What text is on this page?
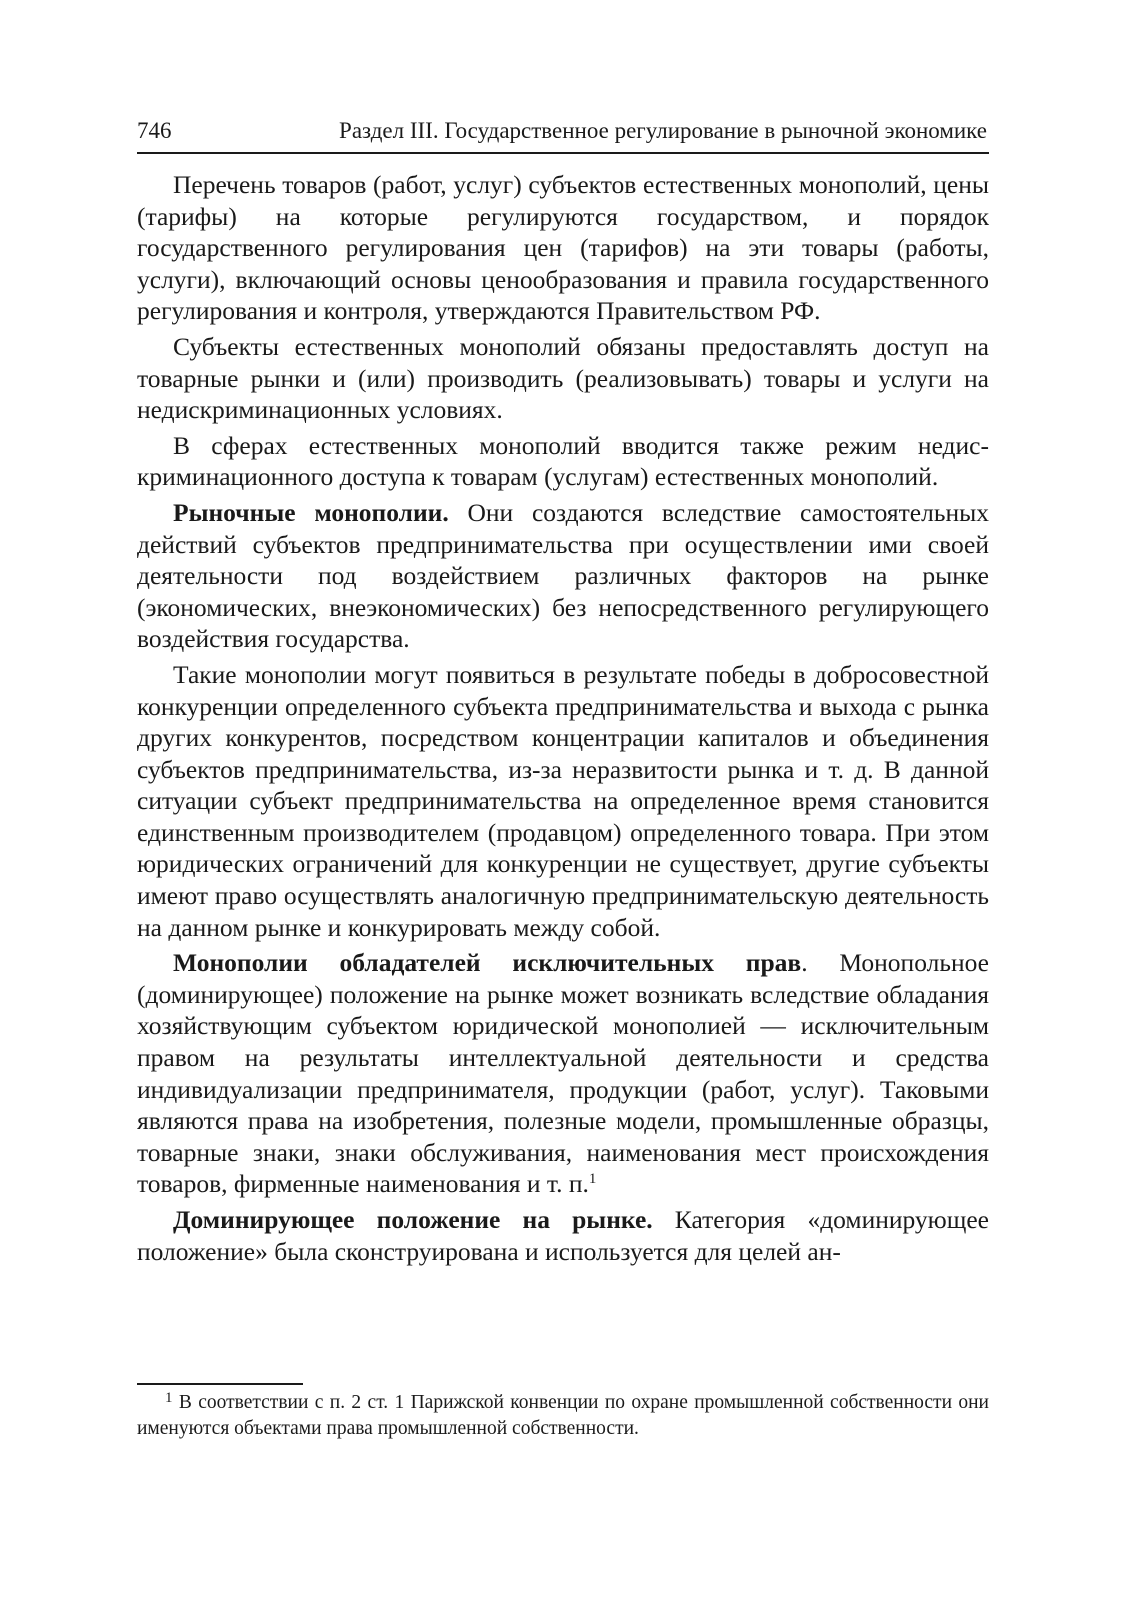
746	Раздел III. Государственное регулирование в рыночной экономике

Перечень товаров (работ, услуг) субъектов естественных монополий, цены (тарифы) на которые регулируются государством, и порядок государственного регулирования цен (тарифов) на эти товары (работы, услуги), включающий основы ценообразования и правила государственного регулирования и контроля, утверждаются Правительством РФ.

Субъекты естественных монополий обязаны предоставлять доступ на товарные рынки и (или) производить (реализовывать) товары и услуги на недискриминационных условиях.

В сферах естественных монополий вводится также режим недискриминационного доступа к товарам (услугам) естественных монополий.

Рыночные монополии. Они создаются вследствие самостоятельных действий субъектов предпринимательства при осуществлении ими своей деятельности под воздействием различных факторов на рынке (экономических, внеэкономических) без непосредственного регулирующего воздействия государства.

Такие монополии могут появиться в результате победы в добросовестной конкуренции определенного субъекта предпринимательства и выхода с рынка других конкурентов, посредством концентрации капиталов и объединения субъектов предпринимательства, из-за неразвитости рынка и т. д. В данной ситуации субъект предпринимательства на определенное время становится единственным производителем (продавцом) определенного товара. При этом юридических ограничений для конкуренции не существует, другие субъекты имеют право осуществлять аналогичную предпринимательскую деятельность на данном рынке и конкурировать между собой.

Монополии обладателей исключительных прав. Монопольное (доминирующее) положение на рынке может возникать вследствие обладания хозяйствующим субъектом юридической монополией — исключительным правом на результаты интеллектуальной деятельности и средства индивидуализации предпринимателя, продукции (работ, услуг). Таковыми являются права на изобретения, полезные модели, промышленные образцы, товарные знаки, знаки обслуживания, наименования мест происхождения товаров, фирменные наименования и т. п.$^1$

Доминирующее положение на рынке. Категория «доминирующее положение» была сконструирована и используется для целей ан-

$^1$ В соответствии с п. 2 ст. 1 Парижской конвенции по охране промышленной собственности они именуются объектами права промышленной собственности.
